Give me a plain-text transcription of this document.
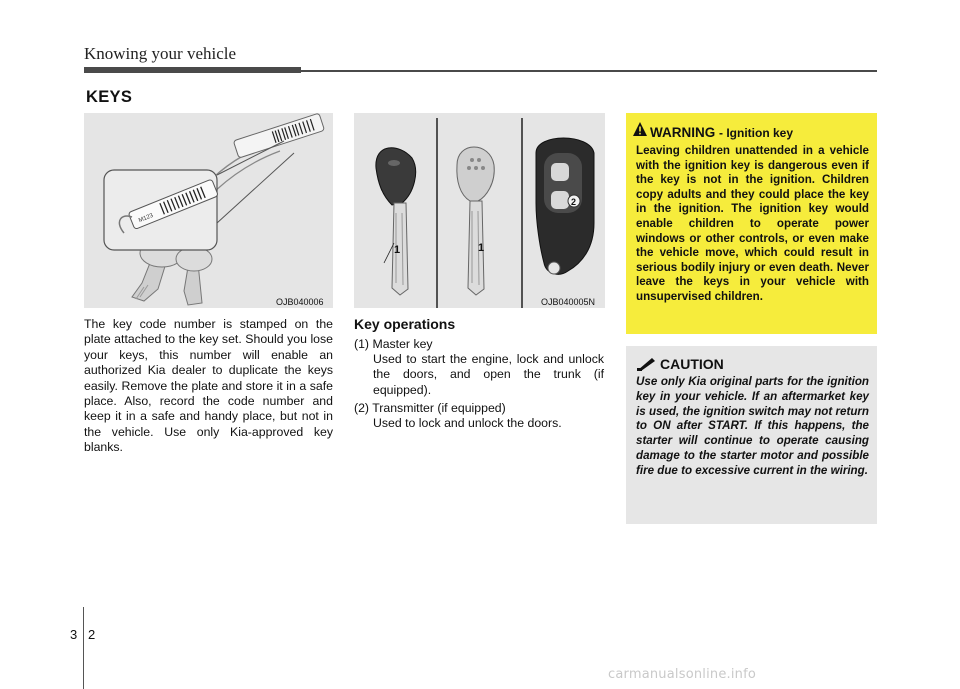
Knowing your vehicle
KEYS
M123
OJB040006
1	1
2
OJB040005N
The key code number is stamped on the plate attached to the key set. Should you lose your keys, this number will enable an authorized Kia dealer to duplicate the keys easily. Remove the plate and store it in a safe place. Also, record the code number and keep it in a safe and handy place, but not in the vehicle. Use only Kia-approved key blanks.
Key operations
(1) Master key
Used to start the engine, lock and unlock the doors, and open the trunk (if equipped).
(2) Transmitter (if equipped)
Used to lock and unlock the doors.
WARNING - Ignition key
Leaving children unattended in a vehicle with the ignition key is dangerous even if the key is not in the ignition. Children copy adults and they could place the key in the ignition. The ignition key would enable children to operate power windows or other controls, or even make the vehicle move, which could result in serious bodily injury or even death. Never leave the keys in your vehicle with unsupervised children.
CAUTION
Use only Kia original parts for the ignition key in your vehicle. If an aftermarket key is used, the ignition switch may not return to ON after START. If this happens, the starter will continue to operate causing damage to the starter motor and possible fire due to excessive current in the wiring.
3 2
carmanualsonline.info
